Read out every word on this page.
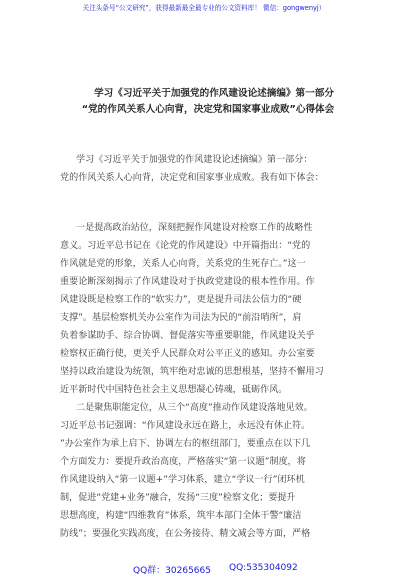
关注头条号“公文研究”，获得最新最全最专业的公文资料库！ 微信：gongwenyj）
学习《习近平关于加强党的作风建设论述摘编》第一部分
“党的作风关系人心向背，决定党和国家事业成败”心得体会
学习《习近平关于加强党的作风建设论述摘编》第一部分：
党的作风关系人心向背，决定党和国家事业成败。我有如下体会：
一是提高政治站位，深刻把握作风建设对检察工作的战略性
意义。习近平总书记在《论党的作风建设》中开篇指出：“党的
作风就是党的形象，关系人心向背，关系党的生死存亡。”这一
重要论断深刻揭示了作风建设对于执政党建设的根本性作用。作
风建设既是检察工作的“软实力”，更是提升司法公信力的“硬
支撑”。基层检察机关办公室作为司法为民的“前沿哨所”，肩
负着参谋助手、综合协调、督促落实等重要职能，作风建设关乎
检察权正确行使，更关乎人民群众对公平正义的感知。办公室要
坚持以政治建设为统领，筑牢绝对忠诚的思想根基，坚持不懈用习
近平新时代中国特色社会主义思想凝心铸魂，砥砺作风。
二是聚焦职能定位，从三个“高度”推动作风建设落地见效。
习近平总书记强调：“作风建设永远在路上，永远没有休止符。
”办公室作为承上启下、协调左右的枢纽部门，要重点在以下几
个方面发力：要提升政治高度，严格落实“第一议题”制度，将
作风建设纳入“第一议题+”学习体系，建立“学议一行”闭环机
制，促进“党建+业务”融合，发扬“三度”检察文化；要提升
思想高度，构建“四维教育”体系，筑牢本部门全体干警“廉洁
防线”；要强化实践高度，在公务接待、精文减会等方面，严格
QQ群：30265665 QQ:535304092
